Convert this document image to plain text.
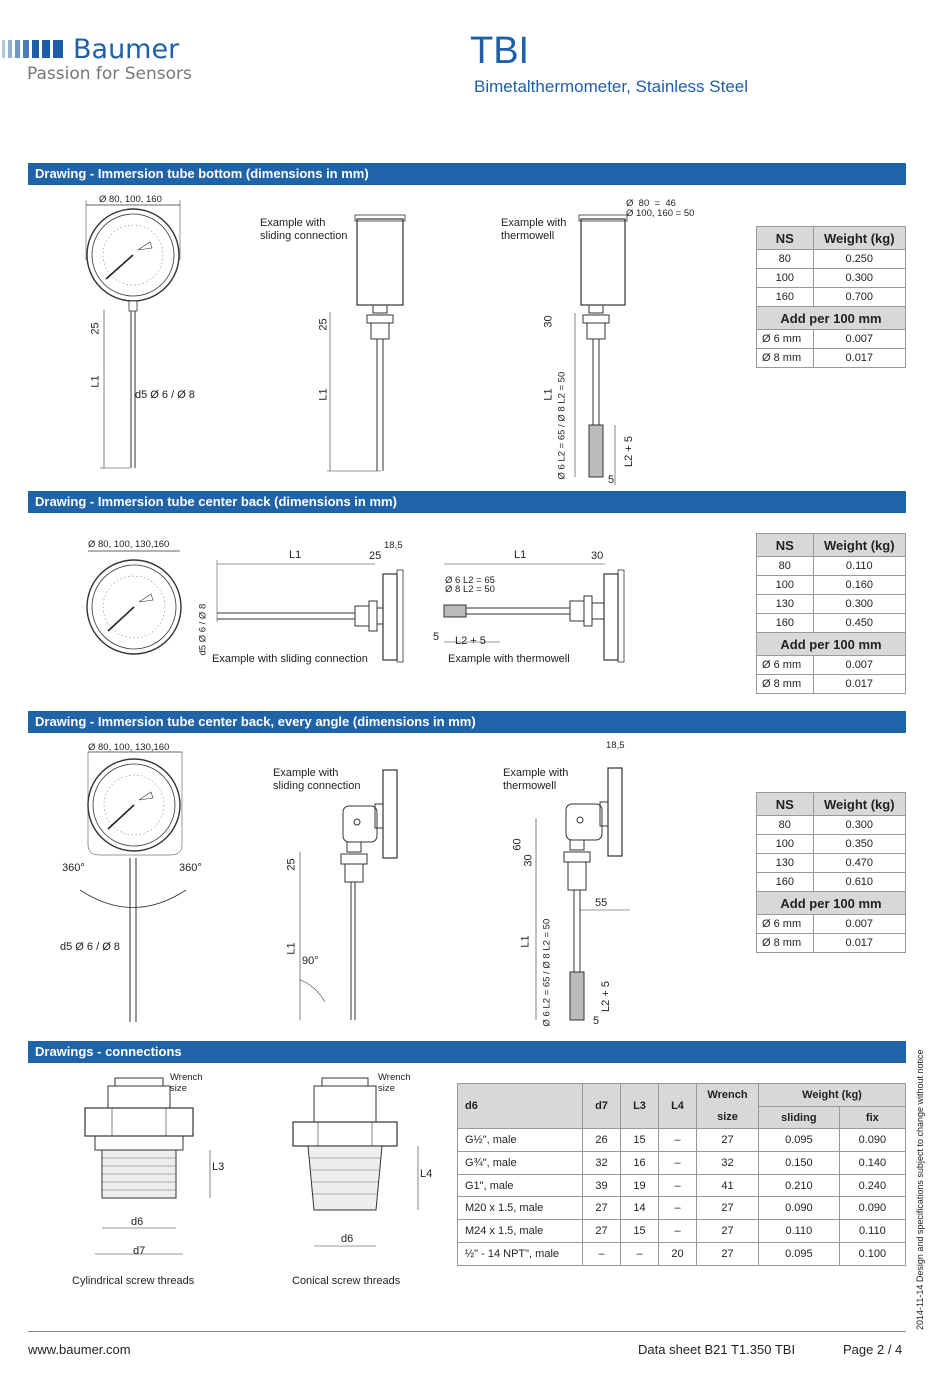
Baumer
Passion for Sensors
TBI
Bimetalthermometer, Stainless Steel
Drawing - Immersion tube bottom (dimensions in mm)
Ø 80, 100, 160
25
L1
d5 Ø 6 / Ø 8
Example with
sliding connection
25
L1
Example with
thermowell
Ø  80  =  46
Ø 100, 160 = 50
30
L1 Ø 6 L2 = 65 / Ø 8 L2 = 50	L2 + 5
5
NS	Weight (kg)
80	0.250
100	0.300
160	0.700
Add per 100 mm	
Ø 6 mm	0.007
Ø 8 mm	0.017
Drawing - Immersion tube center back (dimensions in mm)
Ø 80, 100, 130,160
d5 Ø 6 / Ø 8
L1	25
18,5
Example with sliding connection
L1	30
Ø 6 L2 = 65
Ø 8 L2 = 50
5 L2 + 5
Example with thermowell
NS	Weight (kg)
80	0.110
100	0.160
130	0.300
160	0.450
Add per 100 mm	
Ø 6 mm	0.007
Ø 8 mm	0.017
Drawing - Immersion tube center back, every angle (dimensions in mm)
Ø 80, 100, 130,160
360°	360°
d5 Ø 6 / Ø 8
Example with
sliding connection
25
L1
90°
Example with
thermowell
18,5
60
30
55
L1 Ø 6 L2 = 65 / Ø 8 L2 = 50	L2 + 5
5
NS	Weight (kg)
80	0.300
100	0.350
130	0.470
160	0.610
Add per 100 mm	
Ø 6 mm	0.007
Ø 8 mm	0.017
Drawings - connections
Wrench
size
L3
d6
d7
Cylindrical screw threads
Wrench
size
L4
d6
Conical screw threads
d6	d7	L3	L4	Wrench	Weight (kg)	
				size	sliding	fix
G½", male	26	15	–	27	0.095	0.090
G¾", male	32	16	–	32	0.150	0.140
G1", male	39	19	–	41	0.210	0.240
M20 x 1.5, male	27	14	–	27	0.090	0.090
M24 x 1.5, male	27	15	–	27	0.110	0.110
½" - 14 NPT", male	–	–	20	27	0.095	0.100	2014-11-14 Design and specifications subject to change without notice
www.baumer.com	Data sheet B21 T1.350 TBI	Page 2 / 4
